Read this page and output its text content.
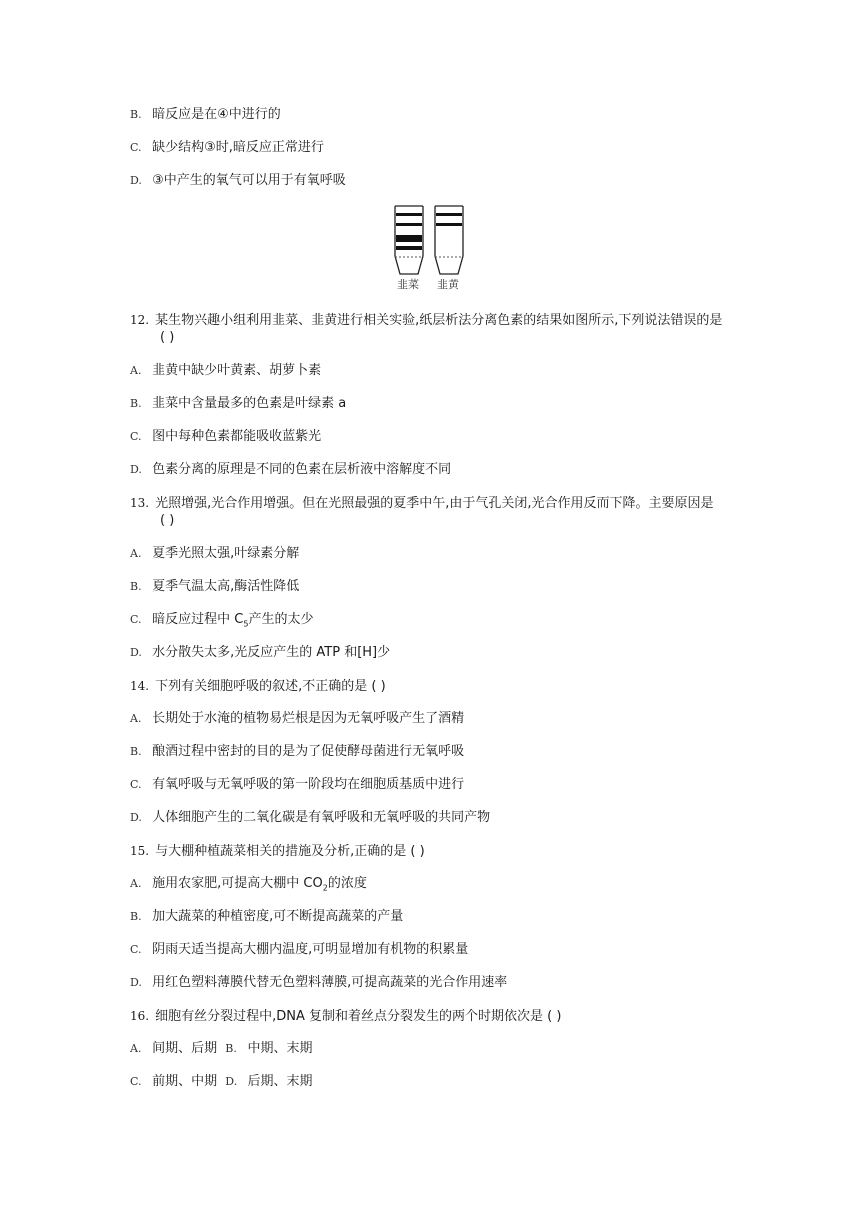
B. 暗反应是在④中进行的
C. 缺少结构③时,暗反应正常进行
D. ③中产生的氧气可以用于有氧呼吸
韭菜 韭黄
12. 某生物兴趣小组利用韭菜、韭黄进行相关实验,纸层析法分离色素的结果如图所示,下列说法错误的是
( )
A. 韭黄中缺少叶黄素、胡萝卜素
B. 韭菜中含量最多的色素是叶绿素 a
C. 图中每种色素都能吸收蓝紫光
D. 色素分离的原理是不同的色素在层析液中溶解度不同
13. 光照增强,光合作用增强。但在光照最强的夏季中午,由于气孔关闭,光合作用反而下降。主要原因是
( )
A. 夏季光照太强,叶绿素分解
B. 夏季气温太高,酶活性降低
C. 暗反应过程中 $C_5$产生的太少
D. 水分散失太多,光反应产生的 ATP 和[H]少
14. 下列有关细胞呼吸的叙述,不正确的是 ( )
A. 长期处于水淹的植物易烂根是因为无氧呼吸产生了酒精
B. 酿酒过程中密封的目的是为了促使酵母菌进行无氧呼吸
C. 有氧呼吸与无氧呼吸的第一阶段均在细胞质基质中进行
D. 人体细胞产生的二氧化碳是有氧呼吸和无氧呼吸的共同产物
15. 与大棚种植蔬菜相关的措施及分析,正确的是 ( )
A. 施用农家肥,可提高大棚中 $CO_2$的浓度
B. 加大蔬菜的种植密度,可不断提高蔬菜的产量
C. 阴雨天适当提高大棚内温度,可明显增加有机物的积累量
D. 用红色塑料薄膜代替无色塑料薄膜,可提高蔬菜的光合作用速率
16. 细胞有丝分裂过程中,DNA 复制和着丝点分裂发生的两个时期依次是 ( )
A. 间期、后期 B. 中期、末期
C. 前期、中期 D. 后期、末期
